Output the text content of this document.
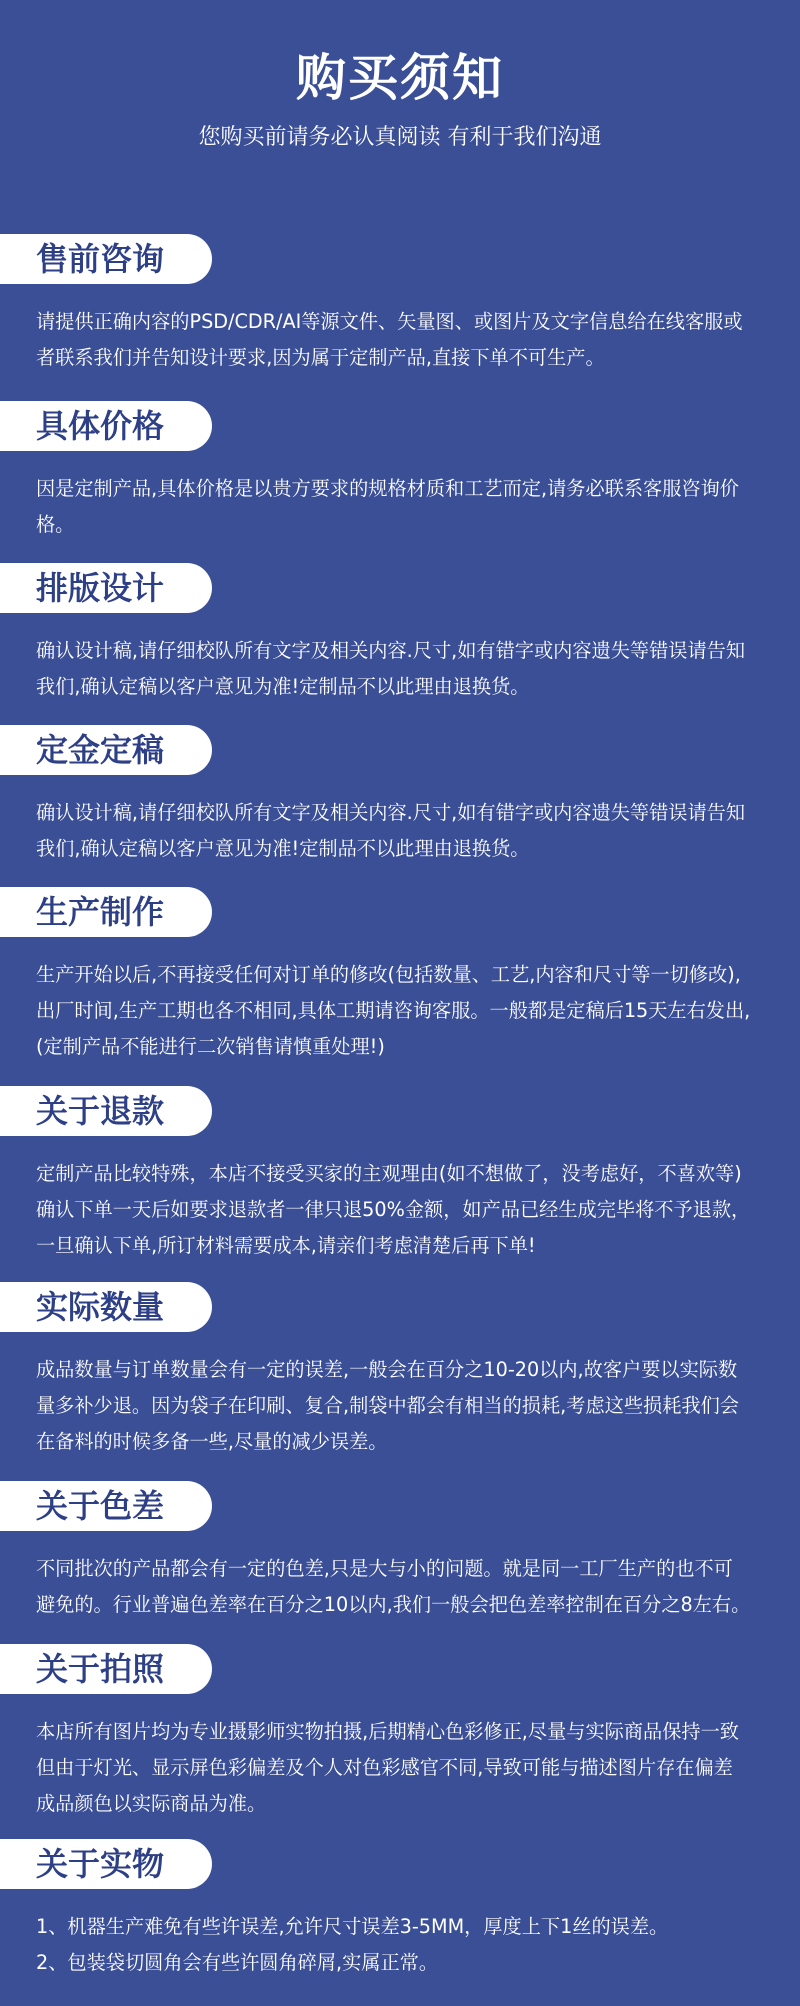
购买须知
您购买前请务必认真阅读 有利于我们沟通
售前咨询

请提供正确内容的PSD/CDR/AI等源文件、矢量图、或图片及文字信息给在线客服或

者联系我们并告知设计要求,因为属于定制产品,直接下单不可生产。

具体价格

因是定制产品,具体价格是以贵方要求的规格材质和工艺而定,请务必联系客服咨询价

格。

排版设计

确认设计稿,请仔细校队所有文字及相关内容.尺寸,如有错字或内容遗失等错误请告知

我们,确认定稿以客户意见为准!定制品不以此理由退换货。

定金定稿

确认设计稿,请仔细校队所有文字及相关内容.尺寸,如有错字或内容遗失等错误请告知

我们,确认定稿以客户意见为准!定制品不以此理由退换货。

生产制作

生产开始以后,不再接受任何对订单的修改(包括数量、工艺,内容和尺寸等一切修改),

出厂时间,生产工期也各不相同,具体工期请咨询客服。一般都是定稿后15天左右发出,

(定制产品不能进行二次销售请慎重处理!)

关于退款

定制产品比较特殊，本店不接受买家的主观理由(如不想做了，没考虑好，不喜欢等)

确认下单一天后如要求退款者一律只退50%金额，如产品已经生成完毕将不予退款，

一旦确认下单,所订材料需要成本,请亲们考虑清楚后再下单!

实际数量

成品数量与订单数量会有一定的误差,一般会在百分之10-20以内,故客户要以实际数

量多补少退。因为袋子在印刷、复合,制袋中都会有相当的损耗,考虑这些损耗我们会

在备料的时候多备一些,尽量的减少误差。

关于色差

不同批次的产品都会有一定的色差,只是大与小的问题。就是同一工厂生产的也不可

避免的。行业普遍色差率在百分之10以内,我们一般会把色差率控制在百分之8左右。

关于拍照

本店所有图片均为专业摄影师实物拍摄,后期精心色彩修正,尽量与实际商品保持一致

但由于灯光、显示屏色彩偏差及个人对色彩感官不同,导致可能与描述图片存在偏差

成品颜色以实际商品为准。

关于实物

1、机器生产难免有些许误差,允许尺寸误差3-5MM，厚度上下1丝的误差。

2、包装袋切圆角会有些许圆角碎屑,实属正常。
